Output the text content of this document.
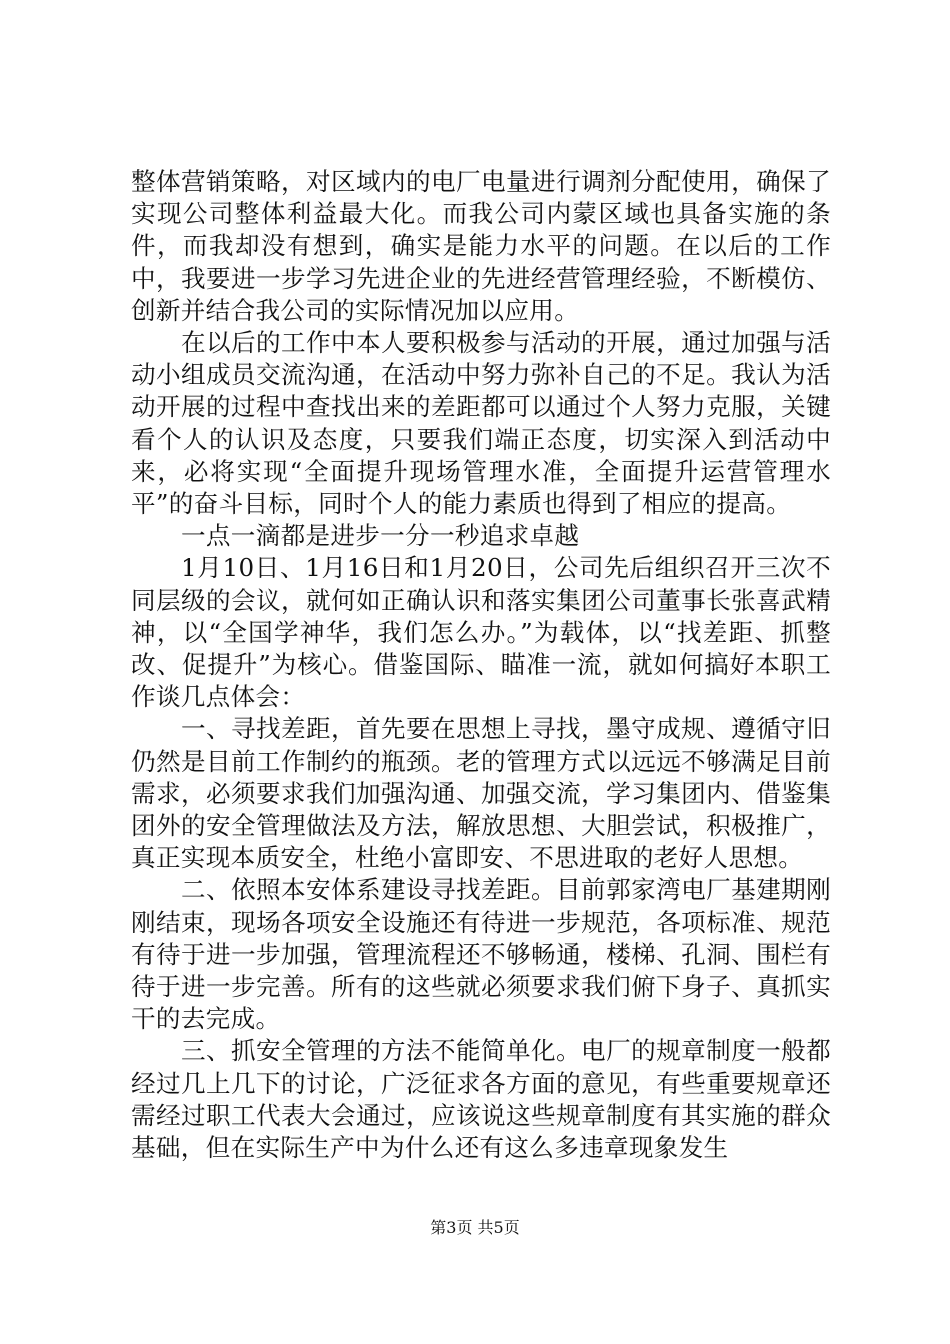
整体营销策略，对区域内的电厂电量进行调剂分配使用，确保了实现公司整体利益最大化。而我公司内蒙区域也具备实施的条件，而我却没有想到，确实是能力水平的问题。在以后的工作中，我要进一步学习先进企业的先进经营管理经验，不断模仿、创新并结合我公司的实际情况加以应用。

在以后的工作中本人要积极参与活动的开展，通过加强与活动小组成员交流沟通，在活动中努力弥补自己的不足。我认为活动开展的过程中查找出来的差距都可以通过个人努力克服，关键看个人的认识及态度，只要我们端正态度，切实深入到活动中来，必将实现“全面提升现场管理水准，全面提升运营管理水平”的奋斗目标，同时个人的能力素质也得到了相应的提高。

一点一滴都是进步一分一秒追求卓越

1月10日、1月16日和1月20日，公司先后组织召开三次不同层级的会议，就何如正确认识和落实集团公司董事长张喜武精神，以“全国学神华，我们怎么办。”为载体，以“找差距、抓整改、促提升”为核心。借鉴国际、瞄准一流，就如何搞好本职工作谈几点体会：

一、寻找差距，首先要在思想上寻找，墨守成规、遵循守旧仍然是目前工作制约的瓶颈。老的管理方式以远远不够满足目前需求，必须要求我们加强沟通、加强交流，学习集团内、借鉴集团外的安全管理做法及方法，解放思想、大胆尝试，积极推广，真正实现本质安全，杜绝小富即安、不思进取的老好人思想。

二、依照本安体系建设寻找差距。目前郭家湾电厂基建期刚刚结束，现场各项安全设施还有待进一步规范，各项标准、规范有待于进一步加强，管理流程还不够畅通，楼梯、孔洞、围栏有待于进一步完善。所有的这些就必须要求我们俯下身子、真抓实干的去完成。

三、抓安全管理的方法不能简单化。电厂的规章制度一般都经过几上几下的讨论，广泛征求各方面的意见，有些重要规章还需经过职工代表大会通过，应该说这些规章制度有其实施的群众基础，但在实际生产中为什么还有这么多违章现象发生

第3页 共5页
